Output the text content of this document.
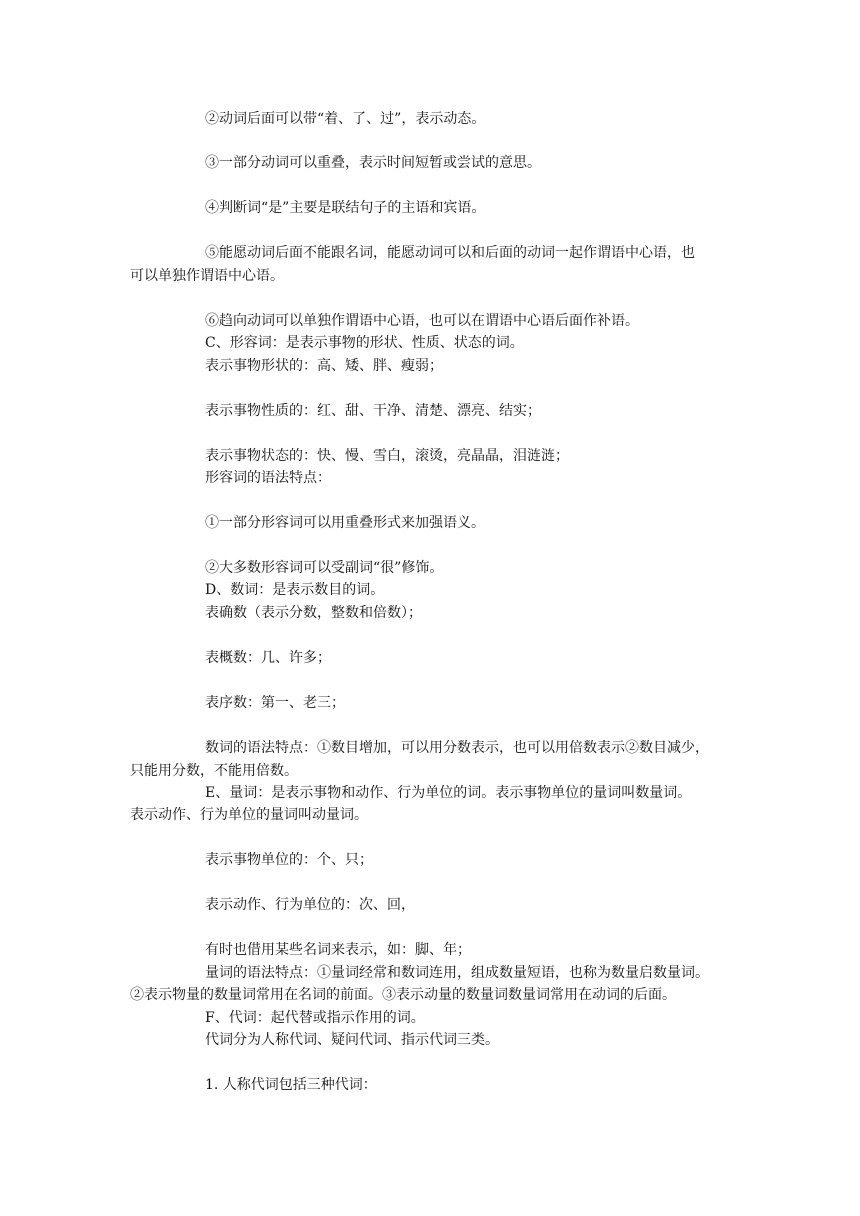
②动词后面可以带“着、了、过”，表示动态。
③一部分动词可以重叠，表示时间短暂或尝试的意思。
④判断词“是”主要是联结句子的主语和宾语。
⑤能愿动词后面不能跟名词，能愿动词可以和后面的动词一起作谓语中心语，也
可以单独作谓语中心语。
⑥趋向动词可以单独作谓语中心语，也可以在谓语中心语后面作补语。
C、形容词：是表示事物的形状、性质、状态的词。
表示事物形状的：高、矮、胖、瘦弱；
表示事物性质的：红、甜、干净、清楚、漂亮、结实；
表示事物状态的：快、慢、雪白，滚烫，亮晶晶，泪涟涟；
形容词的语法特点：
①一部分形容词可以用重叠形式来加强语义。
②大多数形容词可以受副词“很”修饰。
D、数词：是表示数目的词。
表确数（表示分数，整数和倍数）；
表概数：几、许多；
表序数：第一、老三；
数词的语法特点：①数目增加，可以用分数表示，也可以用倍数表示②数目减少，
只能用分数，不能用倍数。
E、量词：是表示事物和动作、行为单位的词。表示事物单位的量词叫数量词。
表示动作、行为单位的量词叫动量词。
表示事物单位的：个、只；
表示动作、行为单位的：次、回，
有时也借用某些名词来表示，如：脚、年；
量词的语法特点：①量词经常和数词连用，组成数量短语，也称为数量启数量词。
②表示物量的数量词常用在名词的前面。③表示动量的数量词数量词常用在动词的后面。
F、代词：起代替或指示作用的词。
代词分为人称代词、疑问代词、指示代词三类。
1. 人称代词包括三种代词：
